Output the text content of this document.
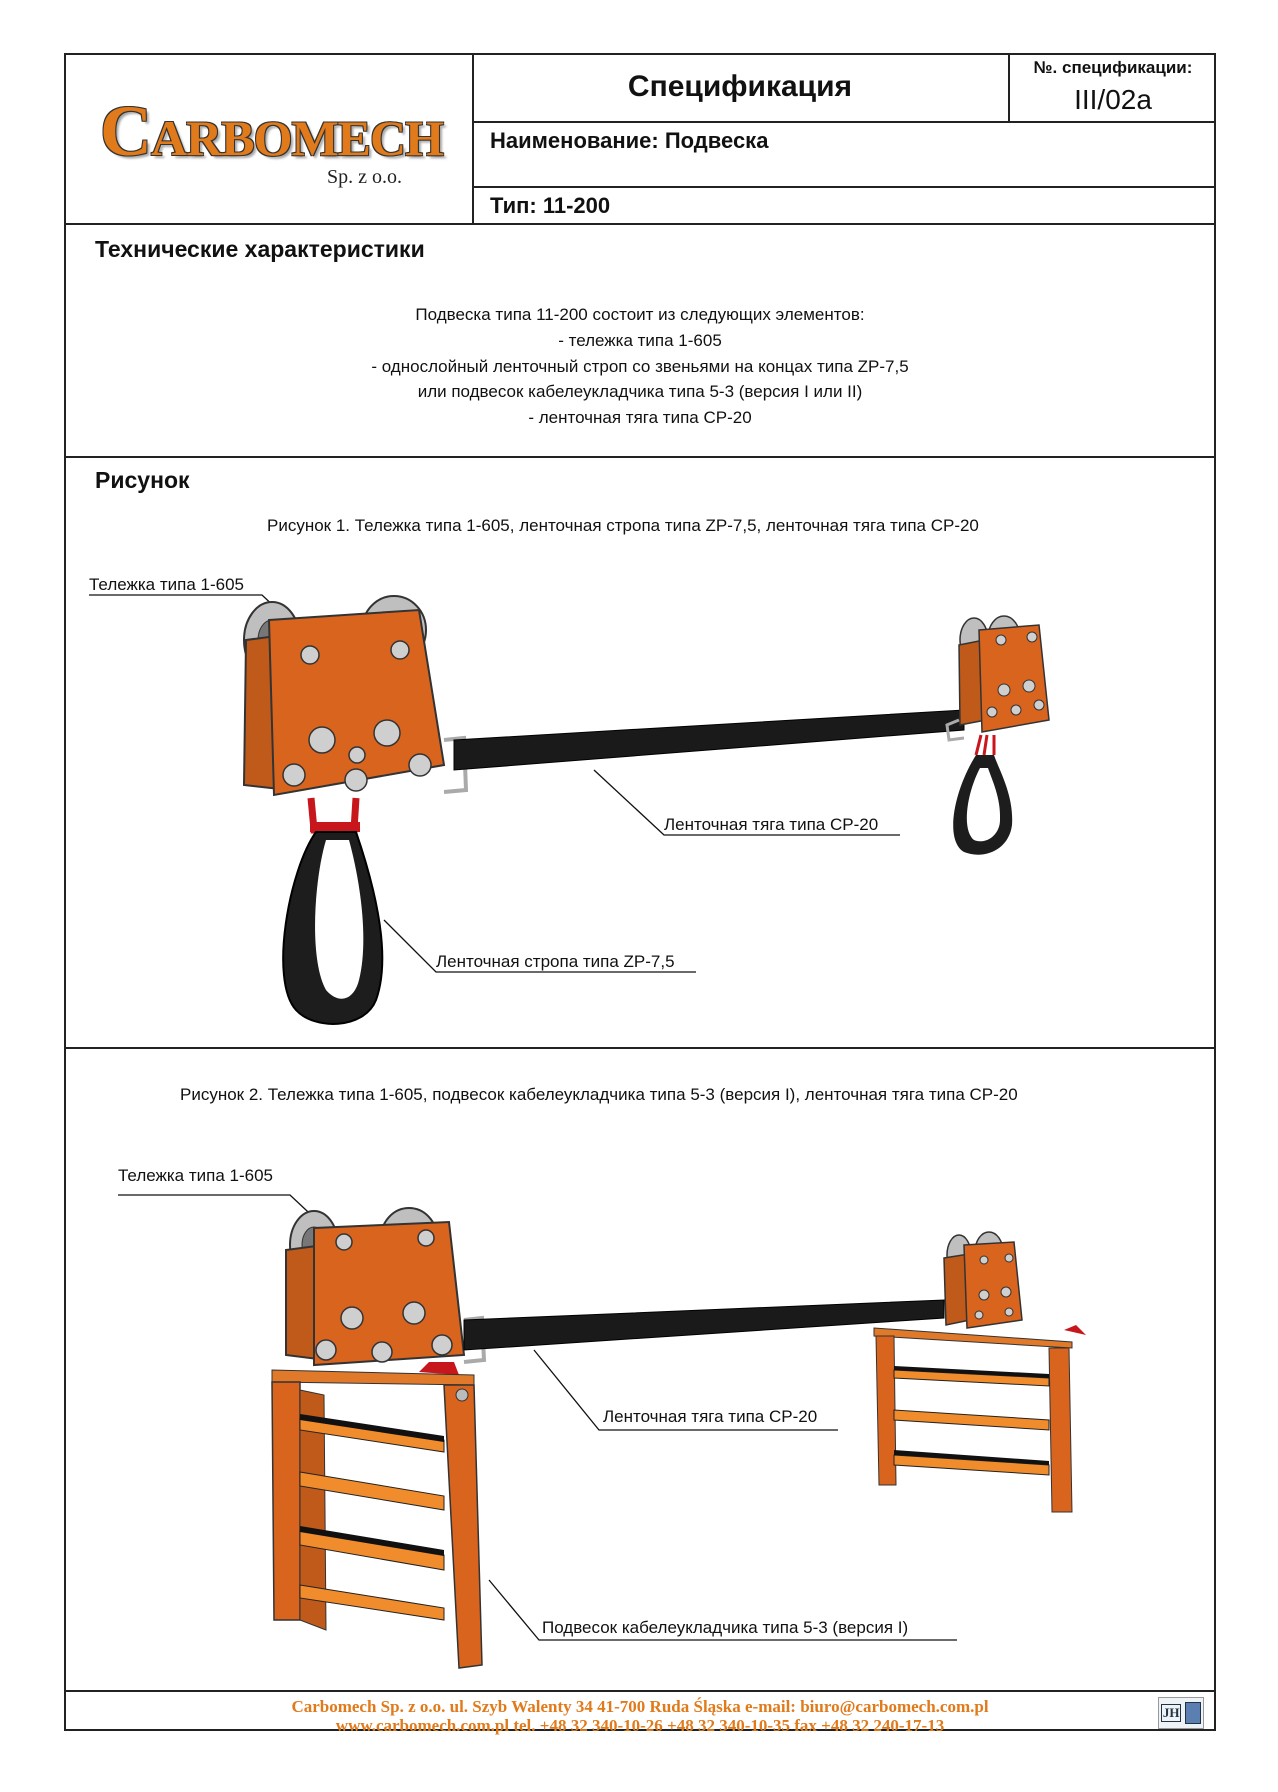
CARBOMECH
Sp. z o.o.
Спецификация
№. спецификации:
III/02a
Наименование: Подвеска
Тип: 11-200
Технические характеристики
Подвеска типа 11-200 состоит из следующих элементов:
- тележка типа 1-605
- однослойный ленточный строп со звеньями на концах типа ZP-7,5
или подвесок кабелеукладчика типа 5-3 (версия I или II)
- ленточная тяга типа CP-20
Рисунок
Рисунок 1. Тележка типа 1-605, ленточная стропа типа ZP-7,5, ленточная тяга типа CP-20
Тележка типа 1-605
Ленточная тяга типа CP-20
Ленточная стропа типа ZP-7,5
Рисунок 2. Тележка типа 1-605, подвесок кабелеукладчика типа 5-3 (версия I), ленточная тяга типа CP-20
Тележка типа 1-605
Ленточная тяга типа CP-20
Подвесок кабелеукладчика типа 5-3 (версия I)
Carbomech Sp. z o.o. ul. Szyb Walenty 34 41-700 Ruda Śląska e-mail: biuro@carbomech.com.pl
www.carbomech.com.pl tel. +48 32 340-10-26 +48 32 340-10-35 fax +48 32 240-17-13
JH
